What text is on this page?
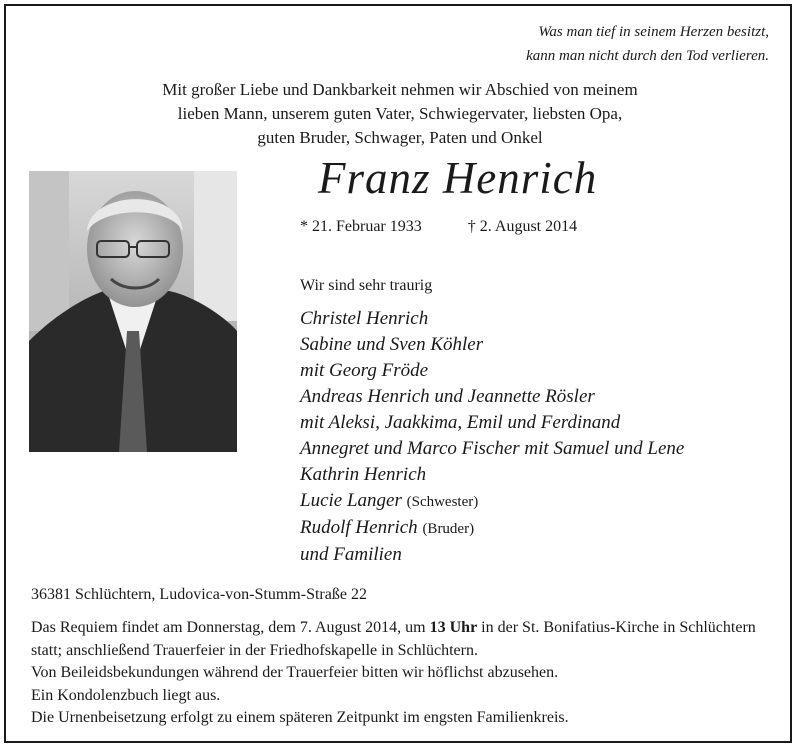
Was man tief in seinem Herzen besitzt,
kann man nicht durch den Tod verlieren.
Mit großer Liebe und Dankbarkeit nehmen wir Abschied von meinem
lieben Mann, unserem guten Vater, Schwiegervater, liebsten Opa,
guten Bruder, Schwager, Paten und Onkel
Franz Henrich
* 21. Februar 1933	† 2. August 2014
Wir sind sehr traurig
Christel Henrich
Sabine und Sven Köhler
mit Georg Fröde
Andreas Henrich und Jeannette Rösler
mit Aleksi, Jaakkima, Emil und Ferdinand
Annegret und Marco Fischer mit Samuel und Lene
Kathrin Henrich
Lucie Langer (Schwester)
Rudolf Henrich (Bruder)
und Familien
36381 Schlüchtern, Ludovica-von-Stumm-Straße 22
Das Requiem findet am Donnerstag, dem 7. August 2014, um 13 Uhr in der St. Bonifatius-Kirche in Schlüchtern statt; anschließend Trauerfeier in der Friedhofskapelle in Schlüchtern.
Von Beileidsbekundungen während der Trauerfeier bitten wir höflichst abzusehen.
Ein Kondolenzbuch liegt aus.
Die Urnenbeisetzung erfolgt zu einem späteren Zeitpunkt im engsten Familienkreis.
